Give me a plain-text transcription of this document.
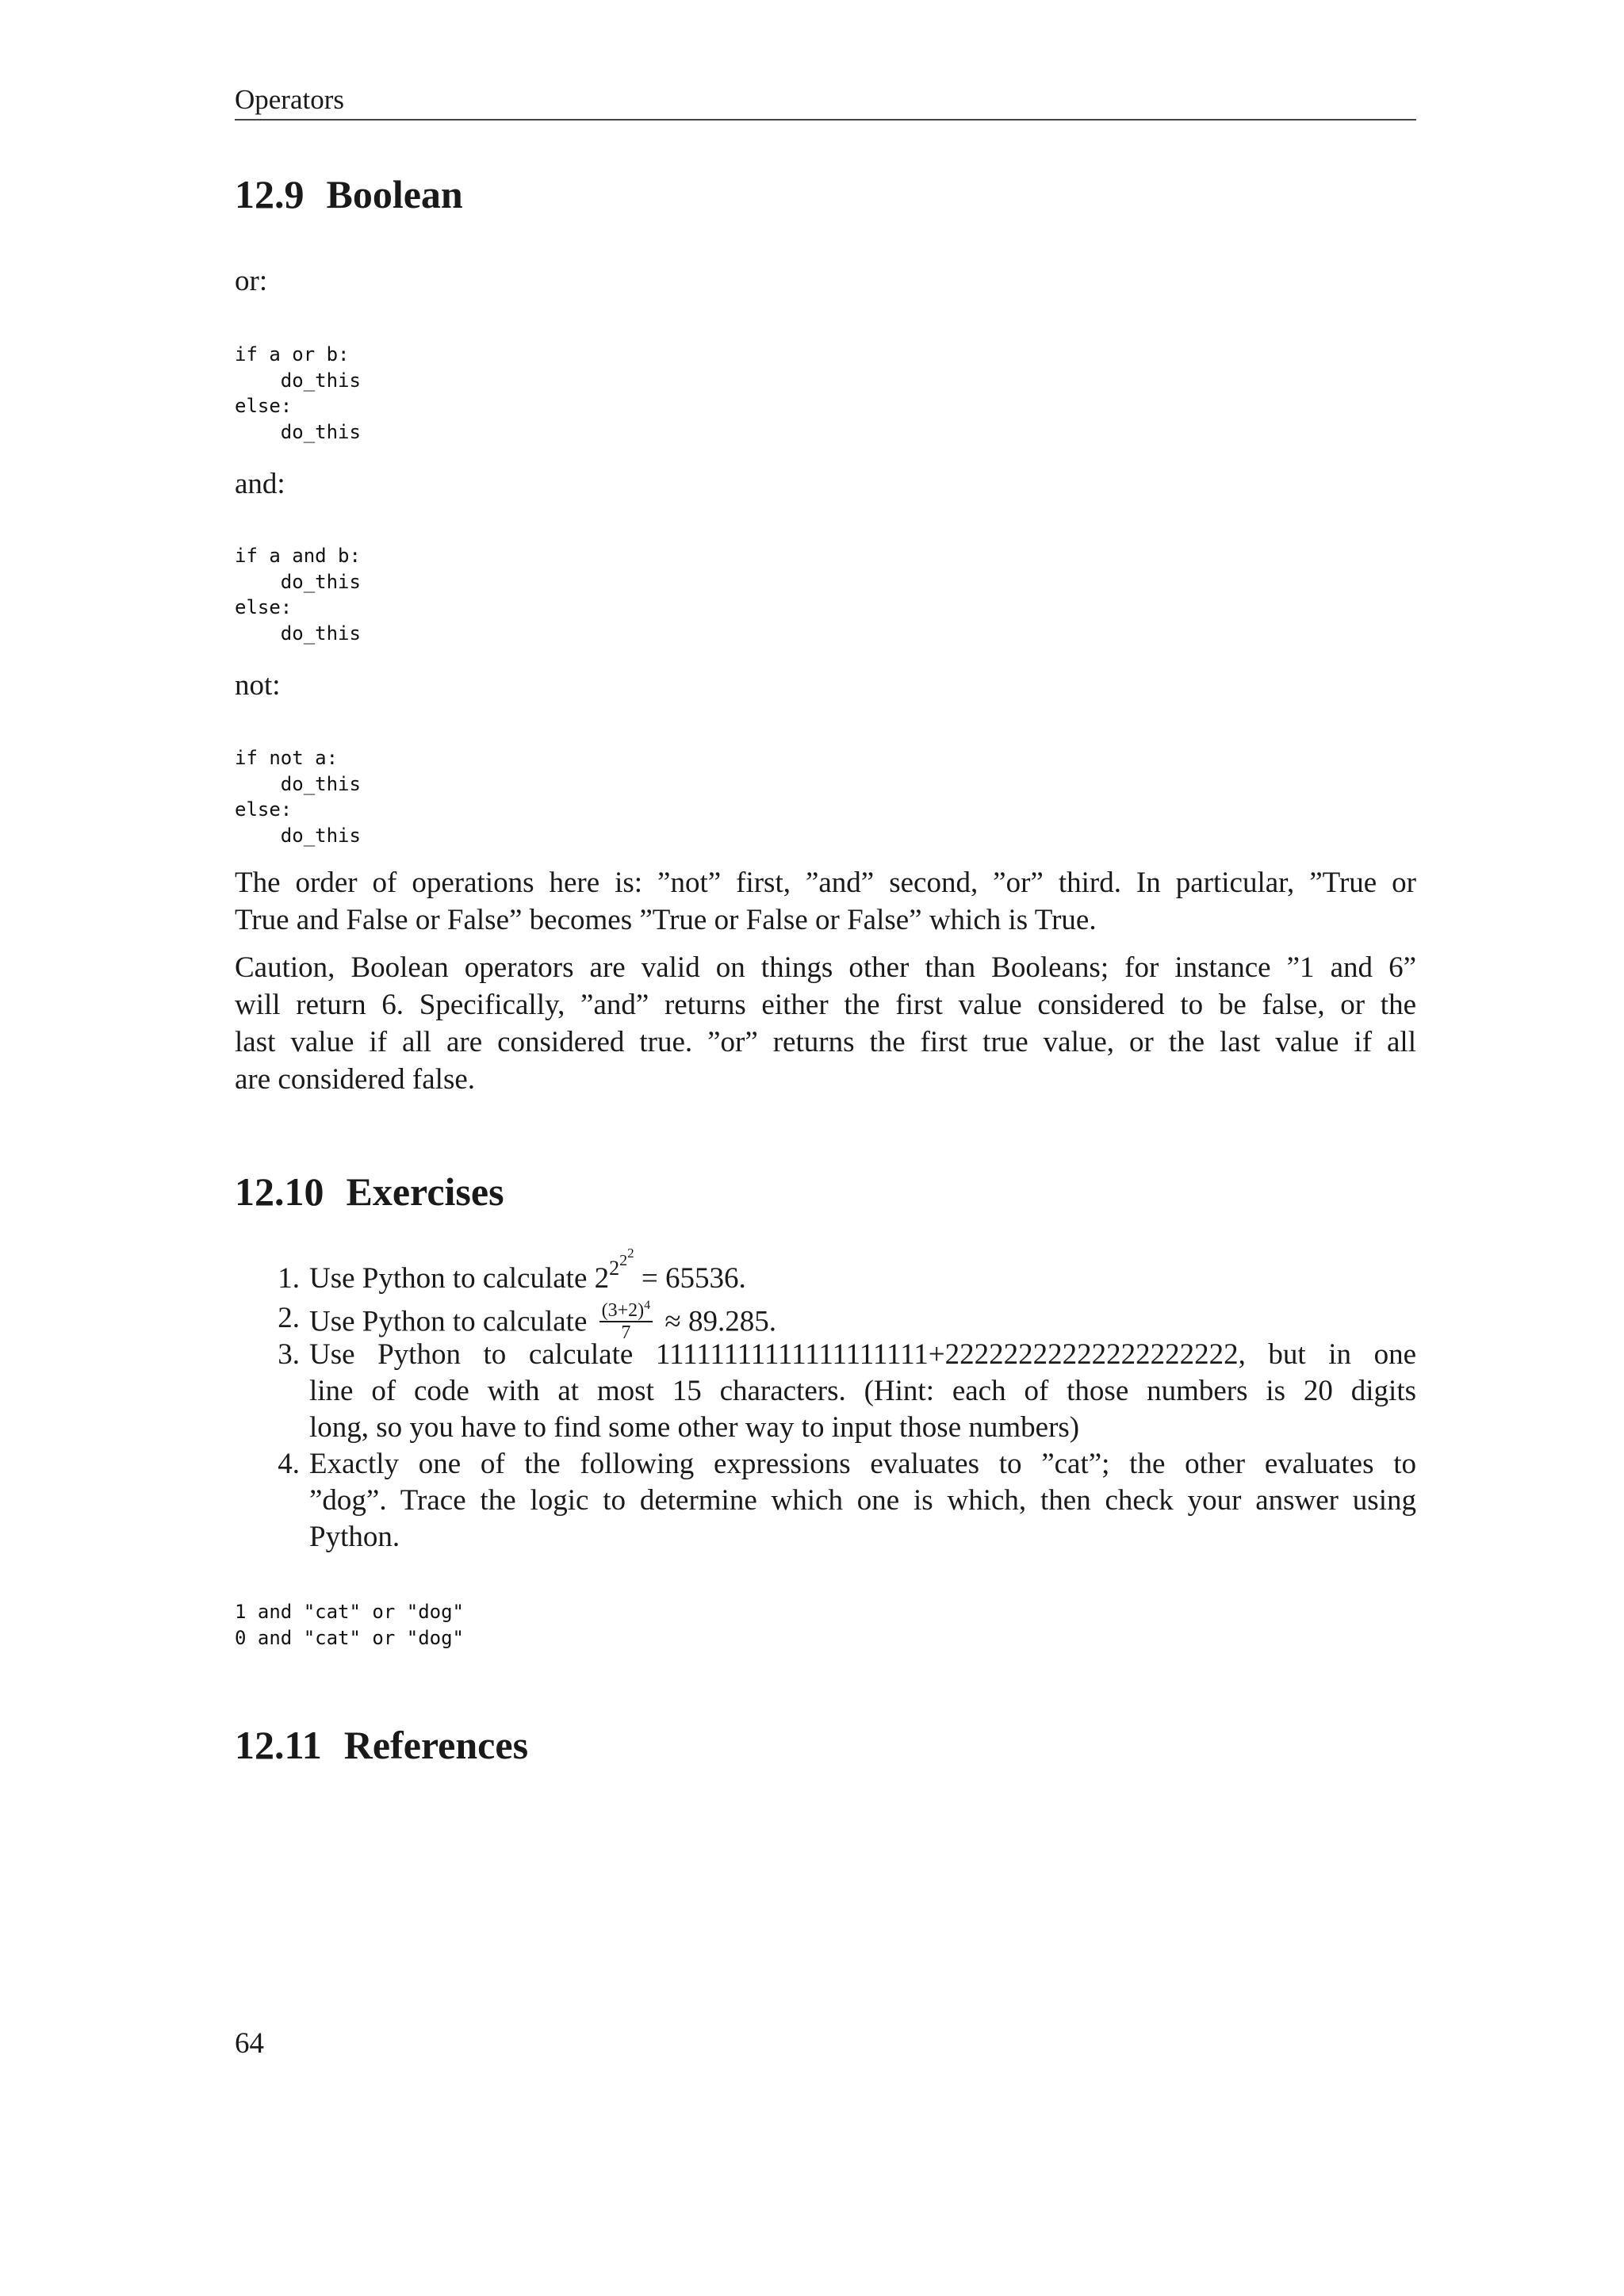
Operators
12.9 Boolean
or:
if a or b:
do_this
else:
do_this
and:
if a and b:
do_this
else:
do_this
not:
if not a:
do_this
else:
do_this
The order of operations here is: ”not” first, ”and” second, ”or” third. In particular, ”True or
True and False or False” becomes ”True or False or False” which is True.
Caution, Boolean operators are valid on things other than Booleans; for instance ”1 and 6”
will return 6. Specifically, ”and” returns either the first value considered to be false, or the
last value if all are considered true. ”or” returns the first true value, or the last value if all
are considered false.
12.10 Exercises
1. Use Python to calculate $2^{222} = 65536$.
2. Use Python to calculate $\frac{(3+2)^4}{7} \approx 89.285$.
3. Use Python to calculate 11111111111111111111+22222222222222222222, but in one
line of code with at most 15 characters. (Hint: each of those numbers is 20 digits
long, so you have to find some other way to input those numbers)
4. Exactly one of the following expressions evaluates to ”cat”; the other evaluates to
”dog”. Trace the logic to determine which one is which, then check your answer using
Python.
1 and "cat" or "dog"
0 and "cat" or "dog"
12.11 References
64
